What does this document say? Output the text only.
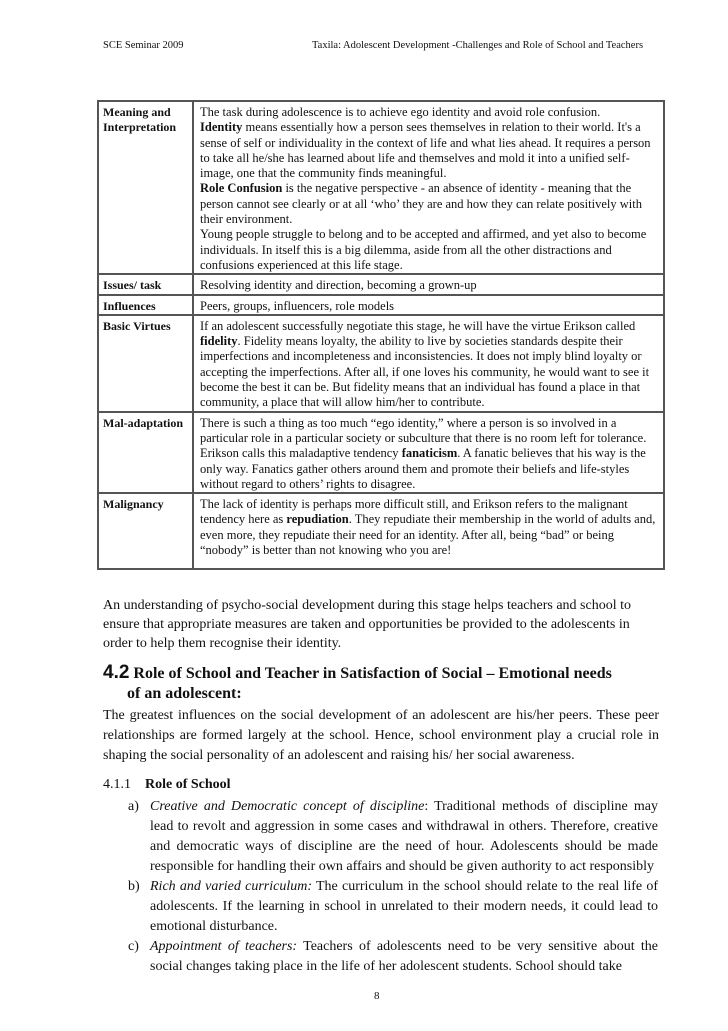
SCE Seminar 2009	Taxila: Adolescent Development -Challenges and Role of School and Teachers
Meaning and Interpretation	The task during adolescence is to achieve ego identity and avoid role confusion.
Identity means essentially how a person sees themselves in relation to their world. It's a sense of self or individuality in the context of life and what lies ahead. It requires a person to take all he/she has learned about life and themselves and mold it into a unified self-image, one that the community finds meaningful.
Role Confusion is the negative perspective - an absence of identity - meaning that the person cannot see clearly or at all ‘who’ they are and how they can relate positively with their environment.
Young people struggle to belong and to be accepted and affirmed, and yet also to become individuals. In itself this is a big dilemma, aside from all the other distractions and confusions experienced at this life stage.

Issues/ task	Resolving identity and direction, becoming a grown-up
Influences	Peers, groups, influencers, role models
Basic Virtues	If an adolescent successfully negotiate this stage, he will have the virtue Erikson called fidelity. Fidelity means loyalty, the ability to live by societies standards despite their imperfections and incompleteness and inconsistencies. It does not imply blind loyalty or accepting the imperfections. After all, if one loves his community, he would want to see it become the best it can be. But fidelity means that an individual has found a place in that community, a place that will allow him/her to contribute.
Mal-adaptation	There is such a thing as too much “ego identity,” where a person is so involved in a particular role in a particular society or subculture that there is no room left for tolerance. Erikson calls this maladaptive tendency fanaticism. A fanatic believes that his way is the only way. Fanatics gather others around them and promote their beliefs and life-styles without regard to others’ rights to disagree.
Malignancy	The lack of identity is perhaps more difficult still, and Erikson refers to the malignant tendency here as repudiation. They repudiate their membership in the world of adults and, even more, they repudiate their need for an identity. After all, being “bad” or being “nobody” is better than not knowing who you are!
An understanding of psycho-social development during this stage helps teachers and school to ensure that appropriate measures are taken and opportunities be provided to the adolescents in order to help them recognise their identity.
4.2 Role of School and Teacher in Satisfaction of Social – Emotional needs
of an adolescent:
The greatest influences on the social development of an adolescent are his/her peers. These peer relationships are formed largely at the school. Hence, school environment play a crucial role in shaping the social personality of an adolescent and raising his/ her social awareness.
4.1.1 Role of School
a) Creative and Democratic concept of discipline: Traditional methods of discipline may lead to revolt and aggression in some cases and withdrawal in others. Therefore, creative and democratic ways of discipline are the need of hour. Adolescents should be made responsible for handling their own affairs and should be given authority to act responsibly
b) Rich and varied curriculum: The curriculum in the school should relate to the real life of adolescents. If the learning in school in unrelated to their modern needs, it could lead to emotional disturbance.
c) Appointment of teachers: Teachers of adolescents need to be very sensitive about the social changes taking place in the life of her adolescent students. School should take
8
